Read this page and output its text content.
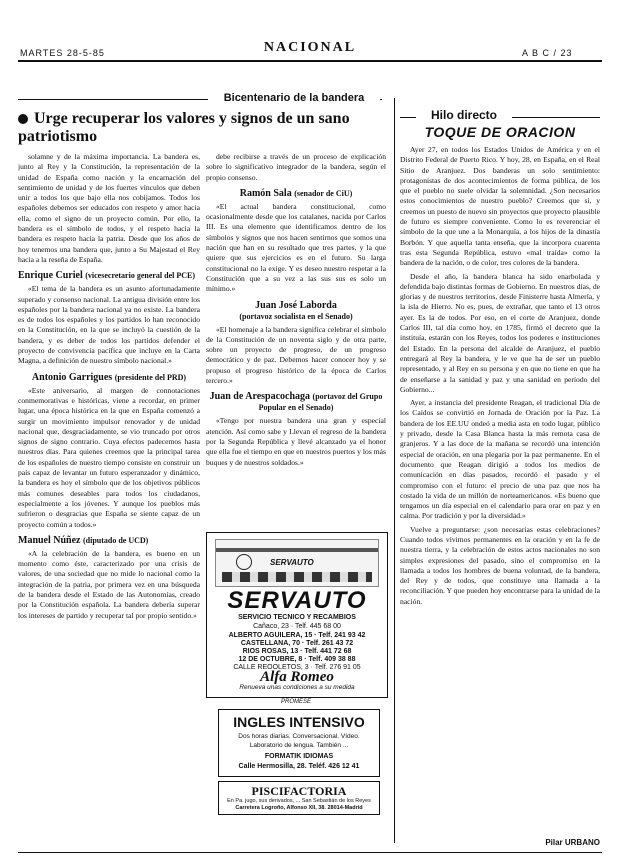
MARTES 28-5-85	NACIONAL	A B C / 23
Bicentenario de la bandera
Urge recuperar los valores y signos de un sano patriotismo

solamne y de la máxima importancia. La bandera es, junto al Rey y la Constitución, la representación de la unidad de España como nación y la encarnación del sentimiento de unidad y de los fuertes vínculos que deben unir a todos los que bajo ella nos cobijamos. Todos los españoles debemos ser educados con respeto y amor hacia ella, como el signo de un proyecto común. Por ello, la bandera es el símbolo de todos, y el respeto hacia la bandera es respeto hacia la patria. Desde que los años de hoy tenemos una bandera que, junto a Su Majestad el Rey hacia a la reseña de España.

Enrique Curiel (vicesecretario general del PCE)

«El tema de la bandera es un asunto afortunadamente superado y consenso nacional. La antigua división entre los españoles por la bandera nacional ya no existe. La bandera es de todos los españoles y los partidos lo han reconocido en la Constitución, en la que se incluyó la cuestión de la bandera, y es deber de todos los partidos defender el proyecto de convivencia pacífica que incluye en la Carta Magna, a definición de nuestro símbolo nacional.»

Antonio Garrigues (presidente del PRD)

«Este aniversario, al margen de connotaciones conmemorativas e históricas, viene a recordar, en primer lugar, una época histórica en la que en España comenzó a surgir un movimiento impulsor renovador y de unidad nacional que, desgraciadamente, se vio truncado por otros signos de signo contrario. Cuya efectos padecemos hasta nuestros días. Para quienes creemos que la principal tarea de los españoles de nuestro tiempo consiste en construir un país capaz de levantar un futuro esperanzador y dinámico, la bandera es hoy el símbolo que de los objetivos públicos más comunes deseables para todos los ciudadanos, especialmente a los jóvenes. Y aunque los pueblos más sufrieron o desgracias que España se siente capaz de un proyecto común a todos.»

Manuel Núñez (diputado de UCD)

«A la celebración de la bandera, es bueno en un momento como éste, caracterizado por una crisis de valores, de una sociedad que no mide lo nacional como la integración de la patria, por primera vez en una búsqueda de la bandera desde el Estado de las Autonomías, creado por la Constitución española. La bandera debería superar los intereses de partido y recuperar tal por propio sentido.»

debe recibirse a través de un proceso de explicación sobre lo significativo integrador de la bandera, según el propio consenso.

Ramón Sala (senador de CiU)

«El actual bandera constitucional, como ocasionalmente desde que los catalanes, nacida por Carlos III. Es una elemento que identificamos dentro de los símbolos y signos que nos hacen sentirnos que somos una nación que han en su resultado que tres partes, y la que quiere que sus ejercicios es en el futuro. Su larga constitucional no la exige. Y es deseo nuestro respetar a la Constitución que a su vez a las sus sus es solo un mínimo.»

Juan José Laborda
(portavoz socialista en el Senado)

«El homenaje a la bandera significa celebrar el símbolo de la Constitución de un noventa siglo y de otra parte, sobre un proyecto de progreso, de un progreso democrático y de paz. Debemos hacer conocer hoy y se propuso el progreso histórico de la época de Carlos tercero.»

Juan de Arespacochaga (portavoz del Grupo Popular en el Senado)

«Tengo por nuestra bandera una gran y especial atención. Así como sabe y Llevan el regreso de la bandera por la Segunda República y llevé alcanzado ya el honor que ella fue el tiempo en que en nuestros puertos y los más buques y de nuestros soldados.»

SERVAUTO
SERVAUTO
SERVICIO TECNICO Y RECAMBIOS
Cañaco, 23 · Telf. 445 68 00
ALBERTO AGUILERA, 15 · Telf. 241 93 42
CASTELLANA, 70 · Telf. 261 43 72
RIOS ROSAS, 13 · Telf. 441 72 68
12 DE OCTUBRE, 8 · Telf. 409 38 88
CALLE REOOLETOS, 3 · Telf. 276 91 05
Alfa Romeo
Renueva unas condiciones a su medida
PROMESE
INGLES INTENSIVO
Dos horas diarias. Conversacional. Vídeo. Laboratorio de lengua. También ...
FORMATIK IDIOMAS
Calle Hermosilla, 28. Teléf. 426 12 41
PISCIFACTORIA
En Pa. jugo, sus derivados, ... San Sebastián de los Reyes
Carretera Logroño, Alfonso XII, 38. 28014-Madrid
Hilo directo
TOQUE DE ORACION

Ayer 27, en todos los Estados Unidos de América y en el Distrito Federal de Puerto Rico. Y hoy, 28, en España, en el Real Sitio de Aranjuez. Dos banderas un solo sentimiento: protagonistas de dos acontecimientos de forma pública, de los que el pueblo no suele olvidar la solemnidad. ¿Son necesarios estos conocimientos de nuestro pueblo? Creemos que sí, y creemos un puesto de nuevo sin proyectos que proyecto plausible de futuro es siempre conveniente. Como lo es reverenciar el símbolo de la que une a la Monarquía, a los hijos de la dinastía Borbón. Y que aquella tanta enseña, que la incorpora cuarenta tras esta Segunda República, estuvo «mal traída» como la bandera de la nación, o de color, tres colores de la bandera.

Desde el año, la bandera blanca ha sido enarbolada y defendida bajo distintas formas de Gobierno. En nuestros días, de glorias y de nuestros territorios, desde Finisterre hasta Almería, y la isla de Hierro. No es, pues, de extrañar, que tanto el 13 otros ayer. Es la de todos. Por eso, en el corte de Aranjuez, donde Carlos III, tal día como hoy, en 1785, firmó el decreto que la instituía, estarán con los Reyes, todos los poderes e instituciones del Estado. En la persona del alcalde de Aranjuez, el pueblo entregará al Rey la bandera, y le ve que ha de ser un pueblo representado, y al Rey en su persona y en que no tiene en que ha de enseñarse a la sanidad y paz y una sanidad en período del Gobierno...

Ayer, a instancia del presidente Reagan, el tradicional Día de los Caídos se convirtió en Jornada de Oración por la Paz. La bandera de los EE.UU ondeó a media asta en todo lugar, público y privado, desde la Casa Blanca hasta la más remota casa de granjeros. Y a las doce de la mañana se recordó una intención especial de oración, en una plegaria por la paz permanente. En el documento que Reagan dirigió a todos los medios de comunicación en días pasados, recordó el pasado y el compromiso con el futuro: el precio de una paz que nos ha costado la vida de un millón de norteamericanos. «Es bueno que tengamos un día especial en el calendario para orar en paz y en calma. Por tradición y por la diversidad.»

Vuelve a preguntarse: ¿son necesarias estas celebraciones? Cuando todos vivimos permanentes en la oración y en la fe de nuestra tierra, y la celebración de estos actos nacionales no son simples expresiones del pasado, sino el compromiso en la llamada a todos los hombres de buena voluntad, de la bandera, del Rey y de todos, que constituye una llamada a la reconciliación. Y que pueden hoy encontrarse para la unidad de la nación.

Pilar URBANO
